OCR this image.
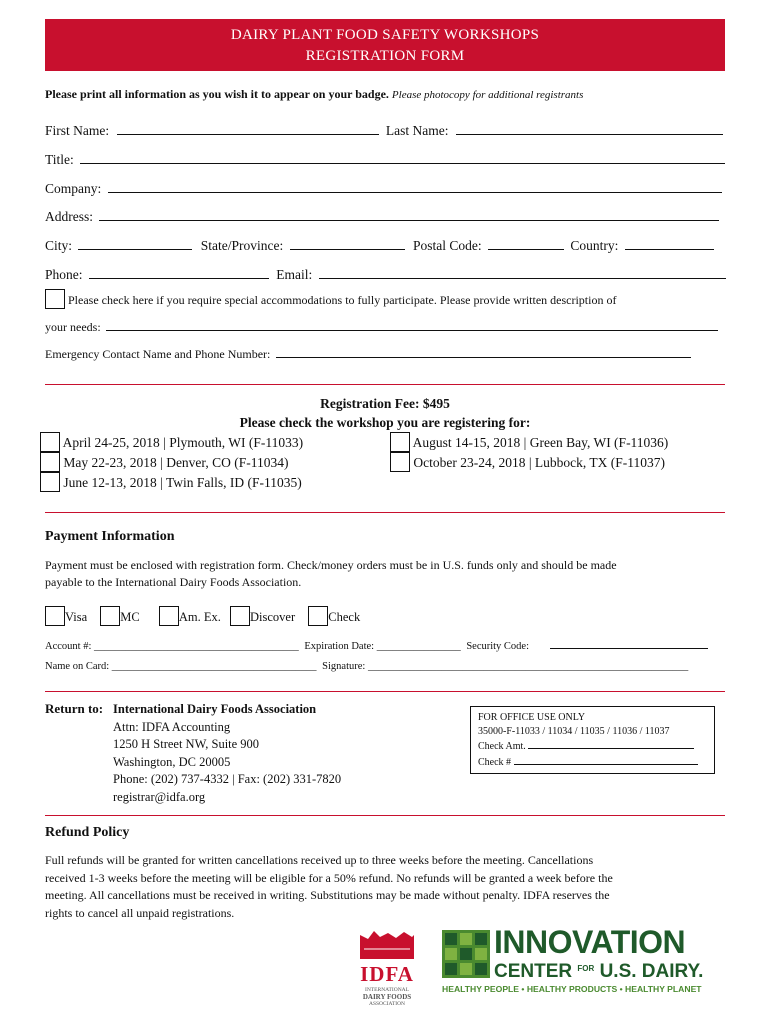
DAIRY PLANT FOOD SAFETY WORKSHOPS
REGISTRATION FORM
Please print all information as you wish it to appear on your badge. Please photocopy for additional registrants
First Name:	Last Name:
Title:
Company:
Address:
City:	State/Province:	Postal Code:	Country:
Phone:	Email:
Please check here if you require special accommodations to fully participate. Please provide written description of
your needs:
Emergency Contact Name and Phone Number:
Registration Fee: $495
Please check the workshop you are registering for:
April 24-25, 2018 | Plymouth, WI (F-11033)
May 22-23, 2018 | Denver, CO (F-11034)
June 12-13, 2018 | Twin Falls, ID (F-11035)
August 14-15, 2018 | Green Bay, WI (F-11036)
October 23-24, 2018 | Lubbock, TX (F-11037)
Payment Information
Payment must be enclosed with registration form. Check/money orders must be in U.S. funds only and should be made
payable to the International Dairy Foods Association.
Visa	MC	Am. Ex. Discover	Check
Account #: _______________________________________ Expiration Date: ________________ Security Code:
Name on Card: _______________________________________ Signature: _____________________________________________________________
Return to: International Dairy Foods Association
Attn: IDFA Accounting
1250 H Street NW, Suite 900
Washington, DC 20005
Phone: (202) 737-4332 | Fax: (202) 331-7820
registrar@idfa.org
FOR OFFICE USE ONLY
35000-F-11033 / 11034 / 11035 / 11036 / 11037
Check Amt.
Check #
Refund Policy
Full refunds will be granted for written cancellations received up to three weeks before the meeting. Cancellations
received 1-3 weeks before the meeting will be eligible for a 50% refund. No refunds will be granted a week before the
meeting. All cancellations must be received in writing. Substitutions may be made without penalty. IDFA reserves the
rights to cancel all unpaid registrations.
IDFA
INTERNATIONAL
DAIRY FOODS
ASSOCIATION
INNOVATION
CENTER $^{FOR}$ U.S. DAIRY.
HEALTHY PEOPLE • HEALTHY PRODUCTS • HEALTHY PLANET
